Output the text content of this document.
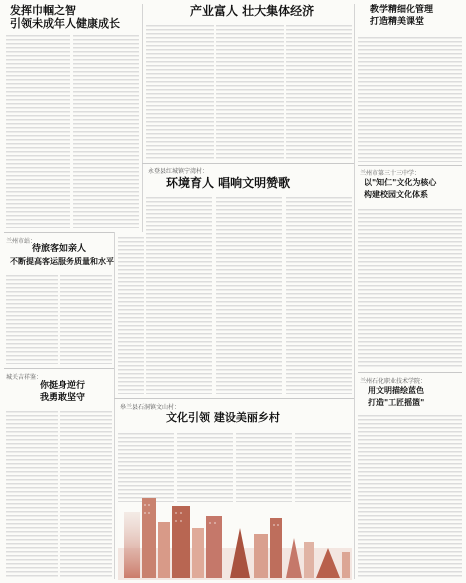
发挥巾帼之智
引领未成年人健康成长
产业富人 壮大集体经济	教学精细化管理
打造精美课堂
永登县红城镇宁湾村：
环境育人 唱响文明赞歌
兰州市站：
待旅客如亲人
不断提高客运服务质量和水平
兰州市第三十三中学：
以"知仁"文化为核心
构建校园文化体系
城关吉祥鉴：
你挺身逆行
我勇敢坚守
兰州石化职业技术学院：
用文明描绘蓝色
打造"工匠摇篮"
皋兰县石洞镇文山村：
文化引领 建设美丽乡村
